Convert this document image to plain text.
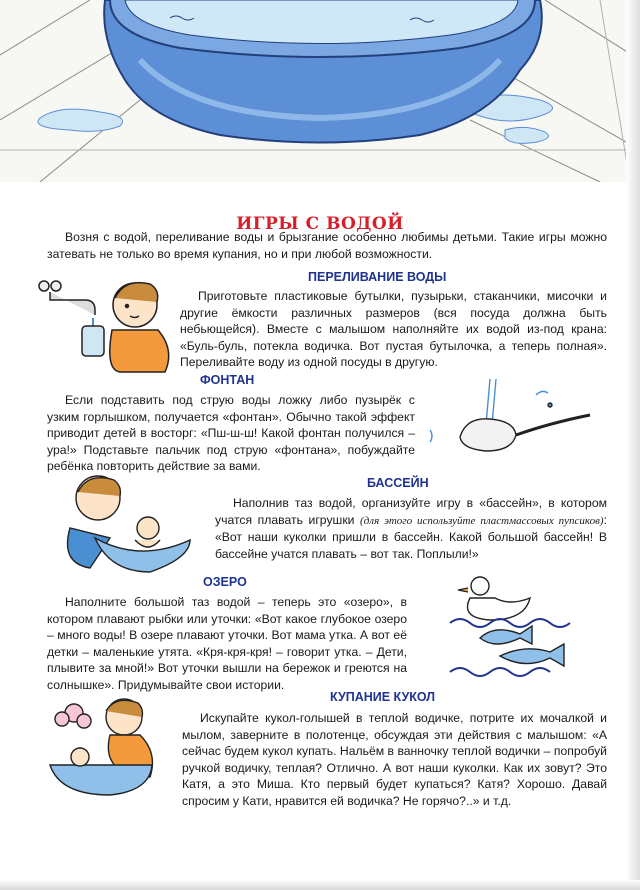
ИГРЫ С ВОДОЙ

Возня с водой, переливание воды и брызгание особенно любимы детьми. Такие игры можно затевать не только во время купания, но и при любой возможности.

ПЕРЕЛИВАНИЕ ВОДЫ

Приготовьте пластиковые бутылки, пузырьки, стаканчики, мисочки и другие ёмкости различных размеров (вся посуда должна быть небьющейся). Вместе с малышом наполняйте их водой из-под крана: «Буль-буль, потекла водичка. Вот пустая бутылочка, а теперь полная». Переливайте воду из одной посуды в другую.

ФОНТАН

Если подставить под струю воды ложку либо пузырёк с узким горлышком, получается «фонтан». Обычно такой эффект приводит детей в восторг: «Пш-ш-ш! Какой фонтан получился – ура!» Подставьте пальчик под струю «фонтана», побуждайте ребёнка повторить действие за вами.

БАССЕЙН

Наполнив таз водой, организуйте игру в «бассейн», в котором учатся плавать игрушки (для этого используйте пластмассовых пупсиков): «Вот наши куколки пришли в бассейн. Какой большой бассейн! В бассейне учатся плавать – вот так. Поплыли!»

ОЗЕРО

Наполните большой таз водой – теперь это «озеро», в котором плавают рыбки или уточки: «Вот какое глубокое озеро – много воды! В озере плавают уточки. Вот мама утка. А вот её детки – маленькие утята. «Кря-кря-кря! – говорит утка. – Дети, плывите за мной!» Вот уточки вышли на бережок и греются на солнышке». Придумывайте свои истории.

КУПАНИЕ КУКОЛ

Искупайте кукол-голышей в теплой водичке, потрите их мочалкой и мылом, заверните в полотенце, обсуждая эти действия с малышом: «А сейчас будем кукол купать. Нальём в ванночку теплой водички – попробуй ручкой водичку, теплая? Отлично. А вот наши куколки. Как их зовут? Это Катя, а это Миша. Кто первый будет купаться? Катя? Хорошо. Давай спросим у Кати, нравится ей водичка? Не горячо?..» и т.д.
